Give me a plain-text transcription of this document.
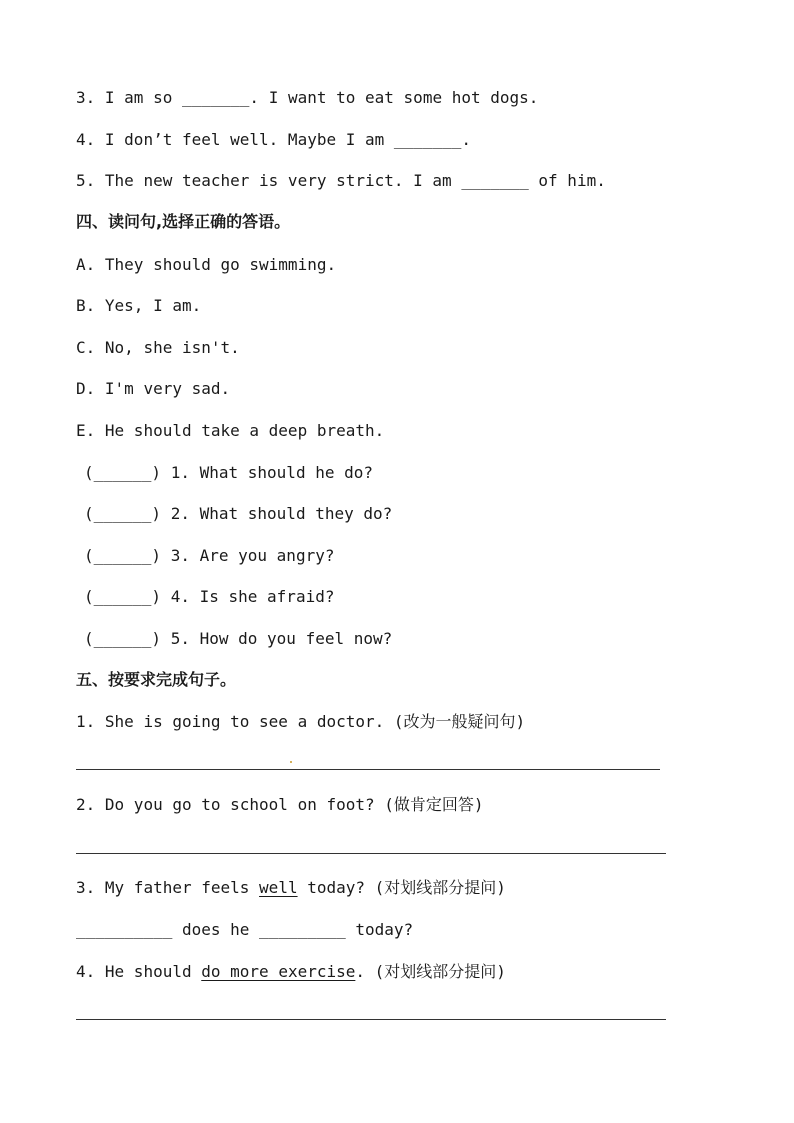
3. I am so _______. I want to eat some hot dogs.
4. I don’t feel well. Maybe I am _______.
5. The new teacher is very strict. I am _______ of him.
四、读问句,选择正确的答语。
A. They should go swimming.
B. Yes, I am.
C. No, she isn't.
D. I'm very sad.
E. He should take a deep breath.
(______) 1. What should he do?
(______) 2. What should they do?
(______) 3. Are you angry?
(______) 4. Is she afraid?
(______) 5. How do you feel now?
五、按要求完成句子。
1. She is going to see a doctor. (改为一般疑问句)
2. Do you go to school on foot? (做肯定回答)
3. My father feels well today? (对划线部分提问)
__________ does he _________ today?
4. He should do more exercise. (对划线部分提问)
